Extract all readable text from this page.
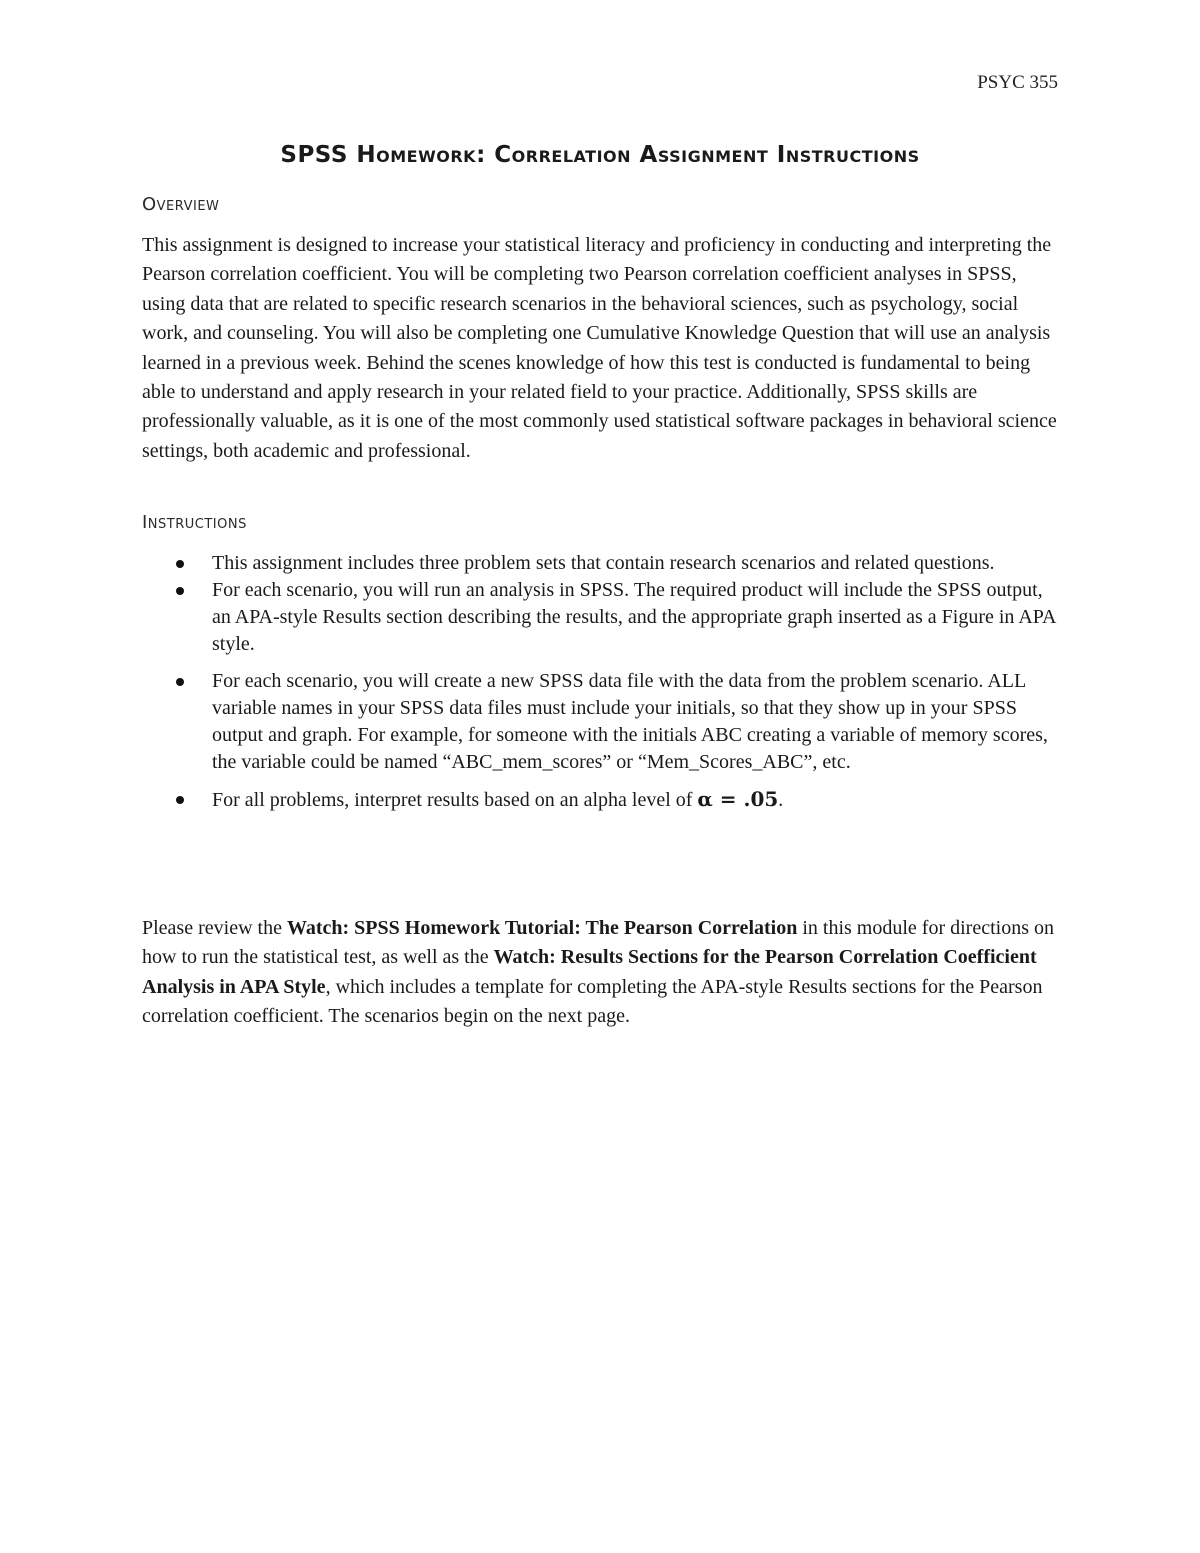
PSYC 355
SPSS Homework: Correlation Assignment Instructions
Overview
This assignment is designed to increase your statistical literacy and proficiency in conducting and interpreting the Pearson correlation coefficient. You will be completing two Pearson correlation coefficient analyses in SPSS, using data that are related to specific research scenarios in the behavioral sciences, such as psychology, social work, and counseling. You will also be completing one Cumulative Knowledge Question that will use an analysis learned in a previous week. Behind the scenes knowledge of how this test is conducted is fundamental to being able to understand and apply research in your related field to your practice. Additionally, SPSS skills are professionally valuable, as it is one of the most commonly used statistical software packages in behavioral science settings, both academic and professional.
Instructions
This assignment includes three problem sets that contain research scenarios and related questions.
For each scenario, you will run an analysis in SPSS. The required product will include the SPSS output, an APA-style Results section describing the results, and the appropriate graph inserted as a Figure in APA style.
For each scenario, you will create a new SPSS data file with the data from the problem scenario. ALL variable names in your SPSS data files must include your initials, so that they show up in your SPSS output and graph. For example, for someone with the initials ABC creating a variable of memory scores, the variable could be named “ABC_mem_scores” or “Mem_Scores_ABC”, etc.
For all problems, interpret results based on an alpha level of α = .05.
Please review the Watch: SPSS Homework Tutorial: The Pearson Correlation in this module for directions on how to run the statistical test, as well as the Watch: Results Sections for the Pearson Correlation Coefficient Analysis in APA Style, which includes a template for completing the APA-style Results sections for the Pearson correlation coefficient. The scenarios begin on the next page.
